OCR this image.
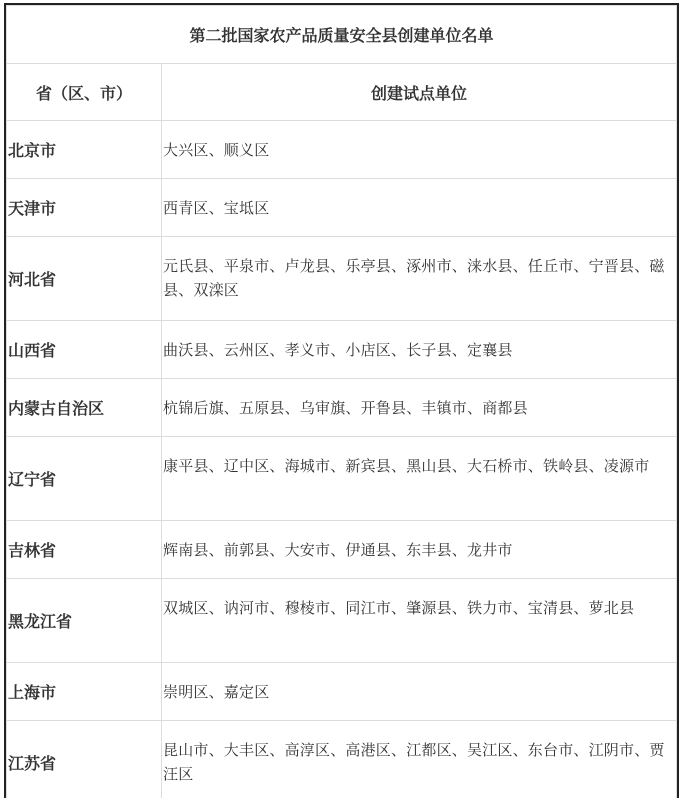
第二批国家农产品质量安全县创建单位名单	
省（区、市）	创建试点单位
北京市	大兴区、顺义区
天津市	西青区、宝坻区
河北省	元氏县、平泉市、卢龙县、乐亭县、涿州市、涞水县、任丘市、宁晋县、磁县、双滦区
山西省	曲沃县、云州区、孝义市、小店区、长子县、定襄县
内蒙古自治区	杭锦后旗、五原县、乌审旗、开鲁县、丰镇市、商都县
辽宁省	康平县、辽中区、海城市、新宾县、黑山县、大石桥市、铁岭县、凌源市
吉林省	辉南县、前郭县、大安市、伊通县、东丰县、龙井市
黑龙江省	双城区、讷河市、穆棱市、同江市、肇源县、铁力市、宝清县、萝北县
上海市	崇明区、嘉定区
江苏省	昆山市、大丰区、高淳区、高港区、江都区、吴江区、东台市、江阴市、贾汪区
